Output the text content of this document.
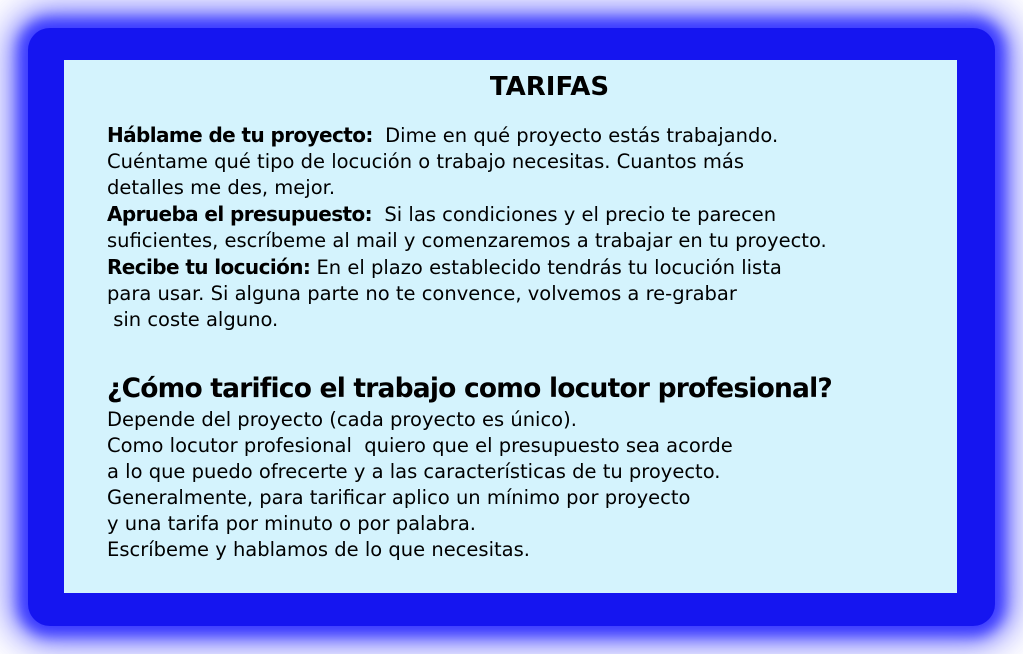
TARIFAS

Háblame de tu proyecto:  Dime en qué proyecto estás trabajando.
Cuéntame qué tipo de locución o trabajo necesitas. Cuantos más
detalles me des, mejor.

Aprueba el presupuesto:  Si las condiciones y el precio te parecen
suficientes, escríbeme al mail y comenzaremos a trabajar en tu proyecto.

Recibe tu locución: En el plazo establecido tendrás tu locución lista
para usar. Si alguna parte no te convence, volvemos a re-grabar
sin coste alguno.

¿Cómo tarifico el trabajo como locutor profesional?
Depende del proyecto (cada proyecto es único).
Como locutor profesional  quiero que el presupuesto sea acorde
a lo que puedo ofrecerte y a las características de tu proyecto.
Generalmente, para tarificar aplico un mínimo por proyecto
y una tarifa por minuto o por palabra.
Escríbeme y hablamos de lo que necesitas.
